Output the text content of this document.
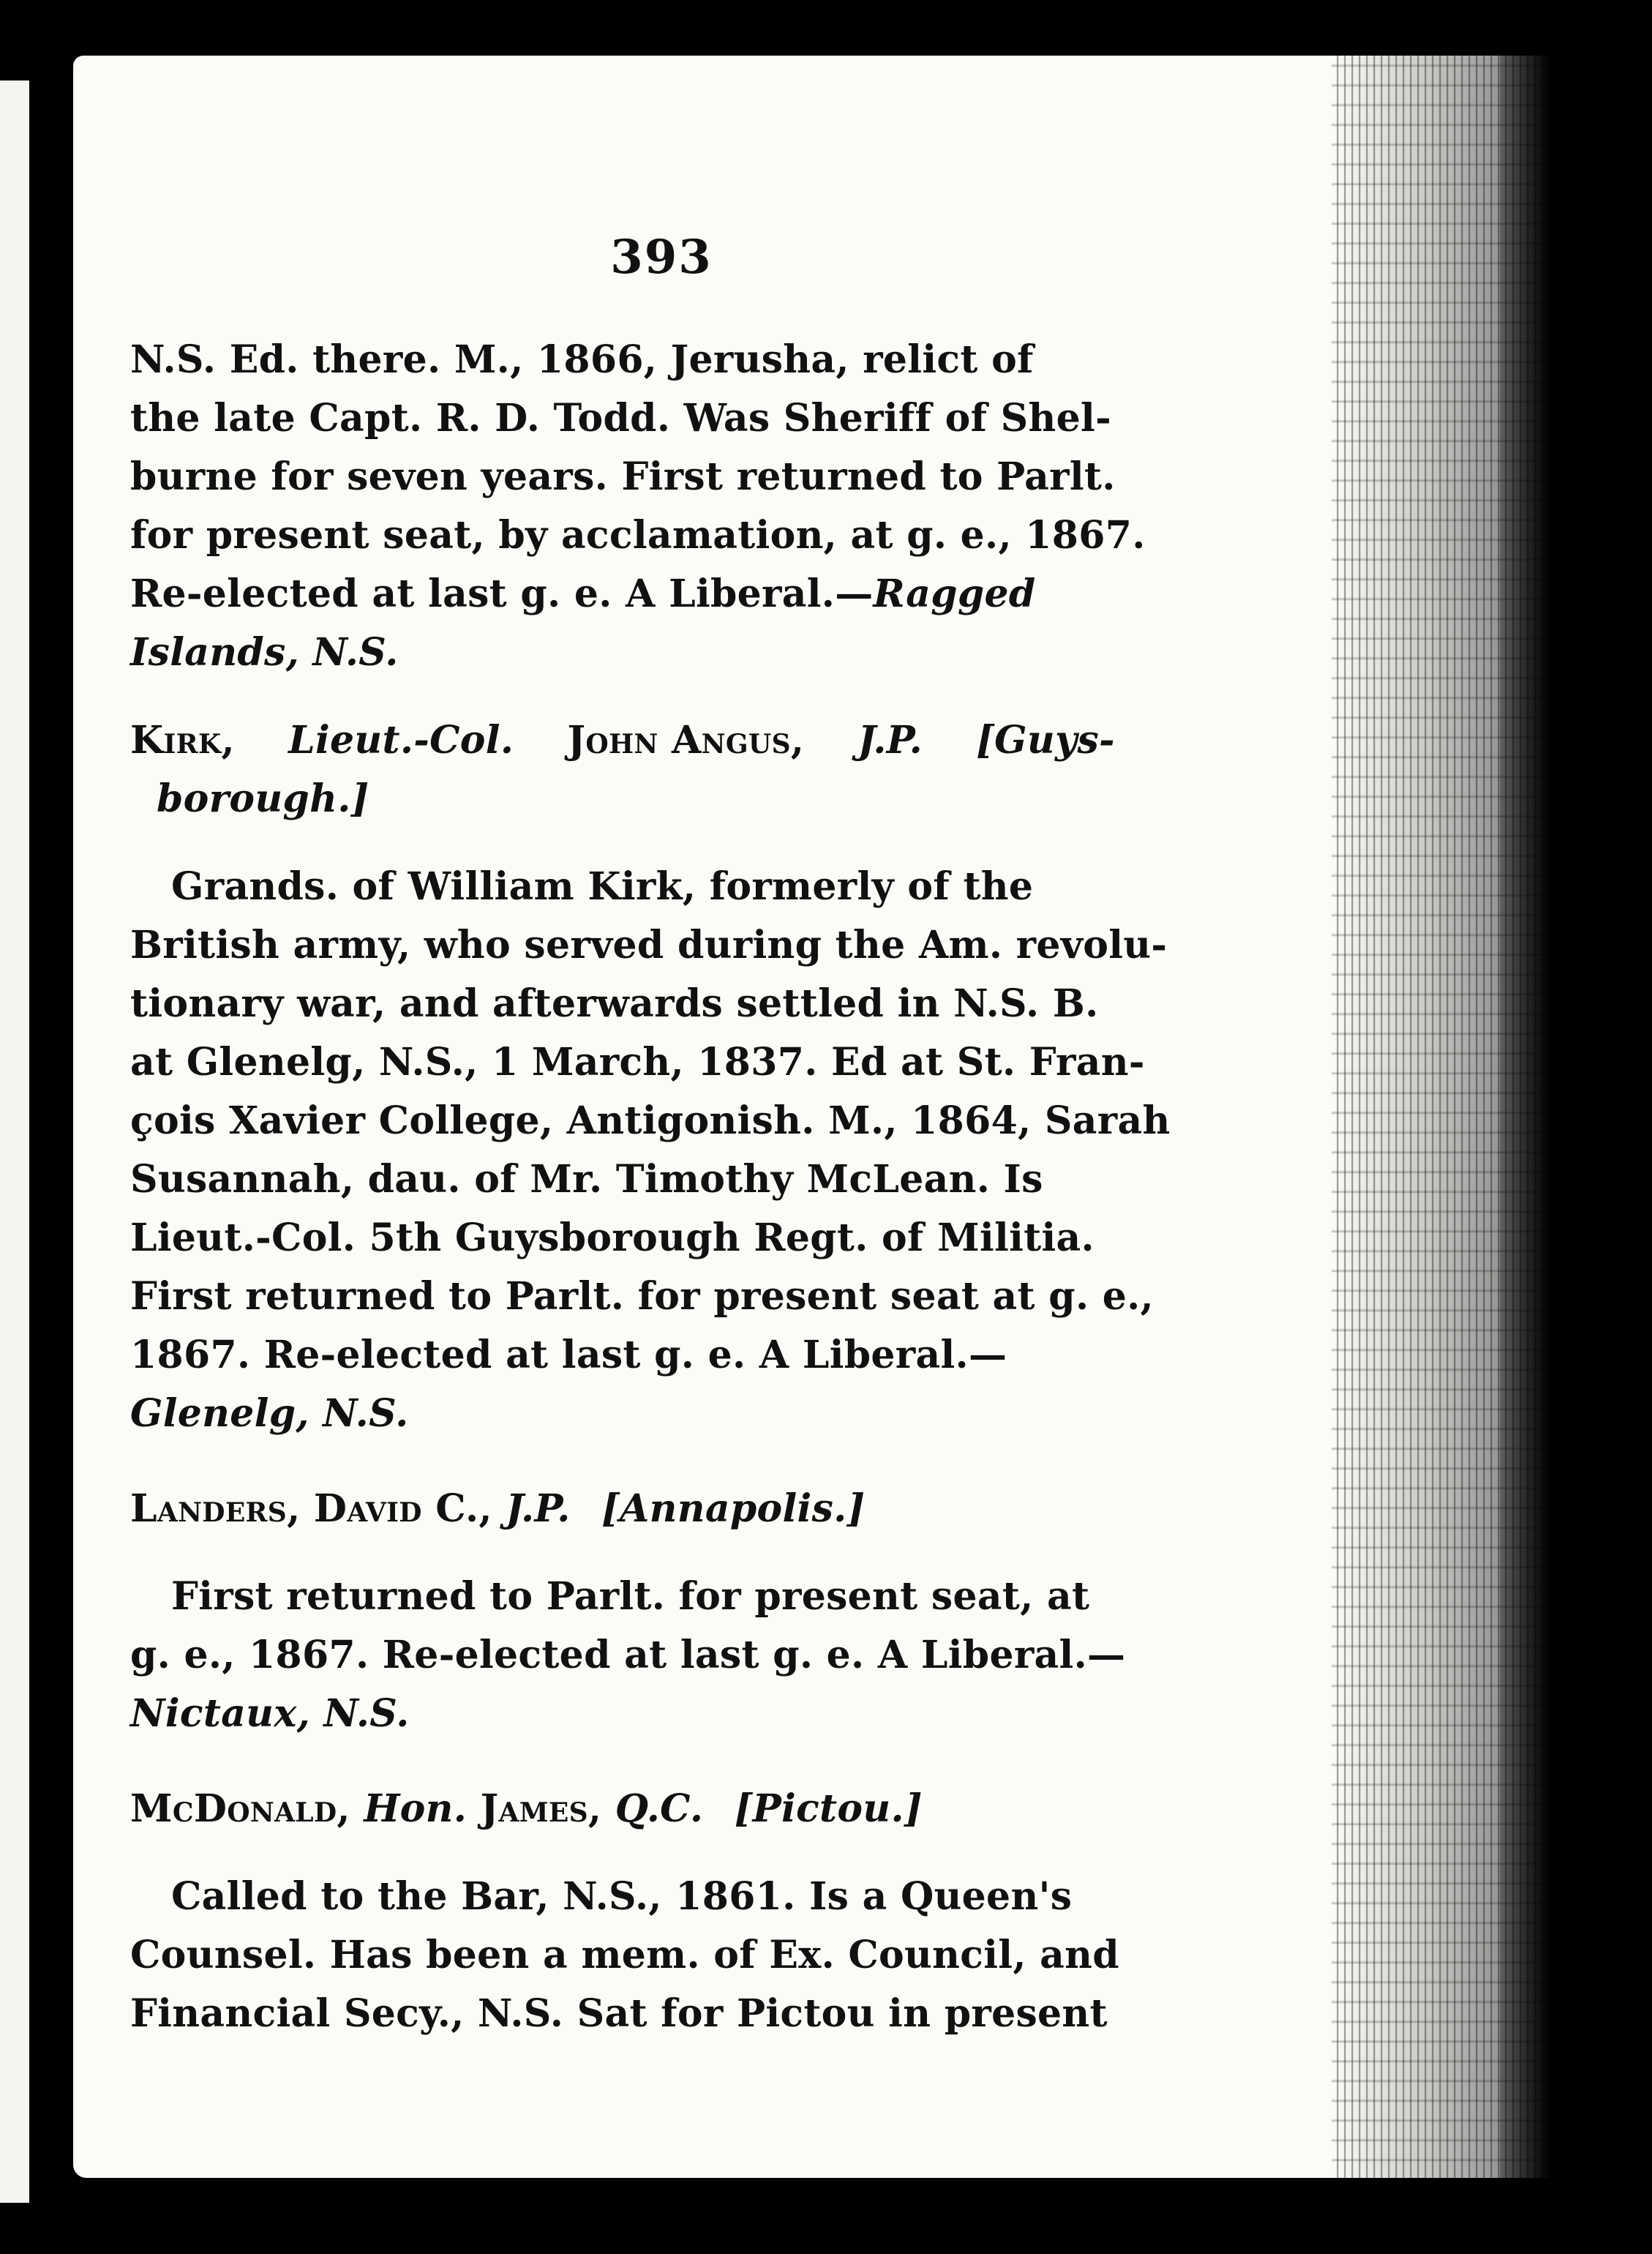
393
N.S. Ed. there. M., 1866, Jerusha, relict of
the late Capt. R. D. Todd. Was Sheriff of Shel-
burne for seven years. First returned to Parlt.
for present seat, by acclamation, at g. e., 1867.
Re-elected at last g. e. A Liberal.—Ragged
Islands, N.S.
Kirk, Lieut.-Col. John Angus, J.P. [Guys-
borough.]
Grands. of William Kirk, formerly of the
British army, who served during the Am. revolu-
tionary war, and afterwards settled in N.S. B.
at Glenelg, N.S., 1 March, 1837. Ed at St. Fran-
çois Xavier College, Antigonish. M., 1864, Sarah
Susannah, dau. of Mr. Timothy McLean. Is
Lieut.-Col. 5th Guysborough Regt. of Militia.
First returned to Parlt. for present seat at g. e.,
1867. Re-elected at last g. e. A Liberal.—
Glenelg, N.S.
Landers, David C., J.P. [Annapolis.]
First returned to Parlt. for present seat, at
g. e., 1867. Re-elected at last g. e. A Liberal.—
Nictaux, N.S.
McDonald, Hon. James, Q.C. [Pictou.]
Called to the Bar, N.S., 1861. Is a Queen's
Counsel. Has been a mem. of Ex. Council, and
Financial Secy., N.S. Sat for Pictou in present
